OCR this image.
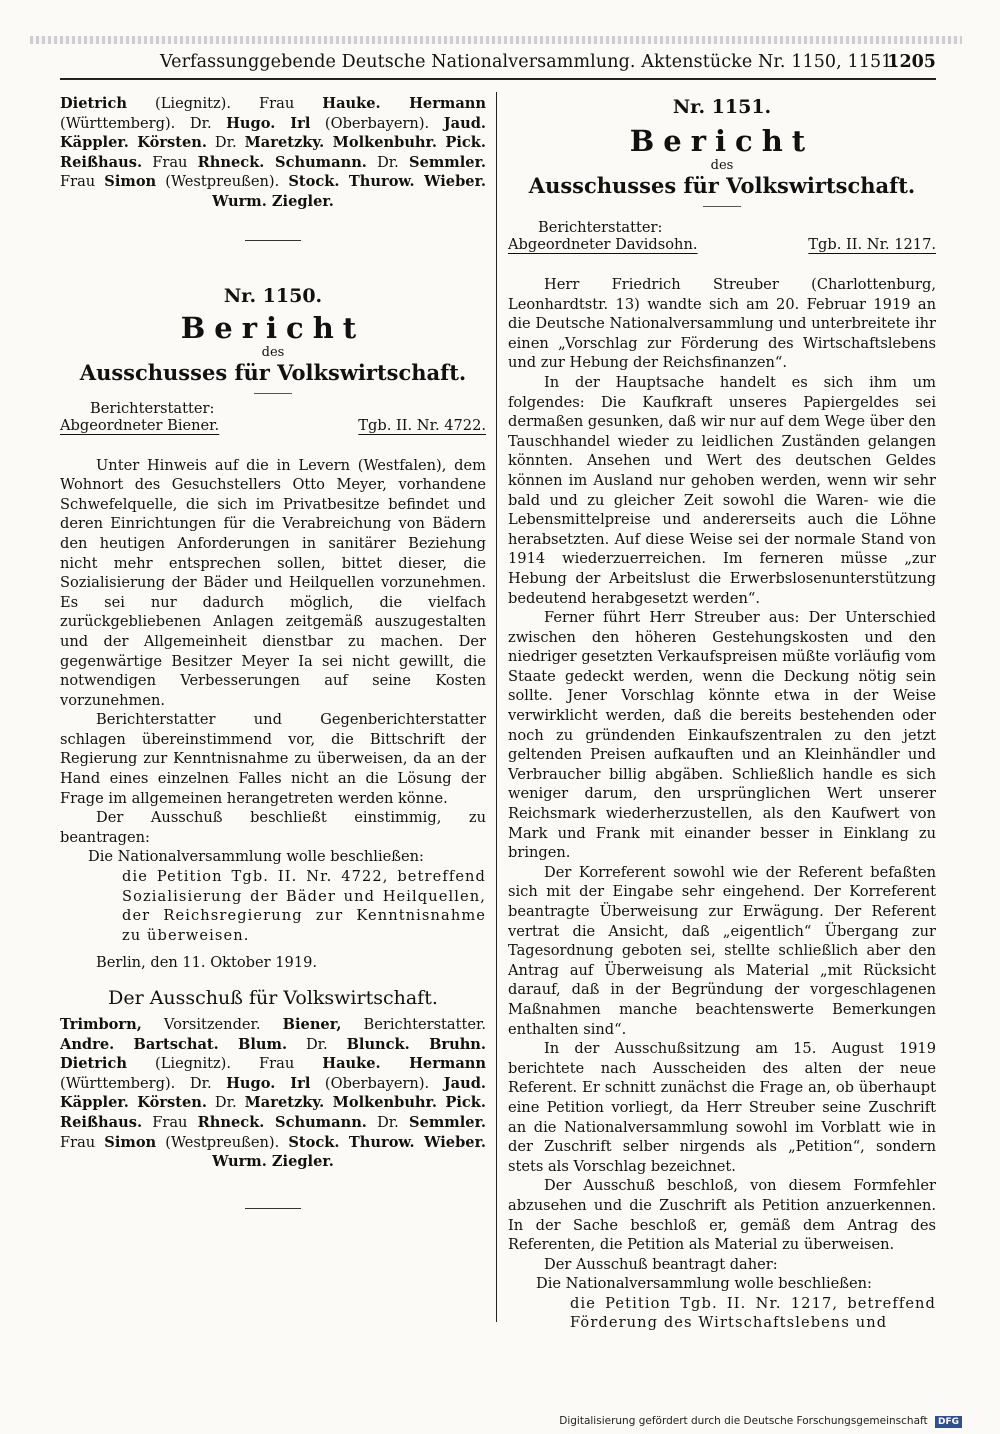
Verfassunggebende Deutsche Nationalversammlung. Aktenstücke Nr. 1150, 1151.
1205

Dietrich (Liegnitz). Frau Hauke. Hermann (Württemberg). Dr. Hugo. Irl (Oberbayern). Jaud. Käppler. Körsten. Dr. Maretzky. Molkenbuhr. Pick. Reißhaus. Frau Rhneck. Schumann. Dr. Semmler. Frau Simon (Westpreußen). Stock. Thurow. Wieber. Wurm. Ziegler.

Nr. 1150.

Bericht

des

Ausschusses für Volkswirtschaft.

Berichterstatter:

Abgeordneter Biener.	Tgb. II. Nr. 4722.

Unter Hinweis auf die in Levern (Westfalen), dem Wohnort des Gesuchstellers Otto Meyer, vorhandene Schwefelquelle, die sich im Privatbesitze befindet und deren Einrichtungen für die Verabreichung von Bädern den heutigen Anforderungen in sanitärer Beziehung nicht mehr entsprechen sollen, bittet dieser, die Sozialisierung der Bäder und Heilquellen vorzunehmen. Es sei nur dadurch möglich, die vielfach zurückgebliebenen Anlagen zeitgemäß auszugestalten und der Allgemeinheit dienstbar zu machen. Der gegenwärtige Besitzer Meyer Ia sei nicht gewillt, die notwendigen Verbesserungen auf seine Kosten vorzunehmen.

Berichterstatter und Gegenberichterstatter schlagen übereinstimmend vor, die Bittschrift der Regierung zur Kenntnisnahme zu überweisen, da an der Hand eines einzelnen Falles nicht an die Lösung der Frage im allgemeinen herangetreten werden könne.

Der Ausschuß beschließt einstimmig, zu beantragen:

Die Nationalversammlung wolle beschließen:

die Petition Tgb. II. Nr. 4722, betreffend Sozialisierung der Bäder und Heilquellen, der Reichsregierung zur Kenntnisnahme zu überweisen.

Berlin, den 11. Oktober 1919.

Der Ausschuß für Volkswirtschaft.

Trimborn, Vorsitzender. Biener, Berichterstatter. Andre. Bartschat. Blum. Dr. Blunck. Bruhn. Dietrich (Liegnitz). Frau Hauke. Hermann (Württemberg). Dr. Hugo. Irl (Oberbayern). Jaud. Käppler. Körsten. Dr. Maretzky. Molkenbuhr. Pick. Reißhaus. Frau Rhneck. Schumann. Dr. Semmler. Frau Simon (Westpreußen). Stock. Thurow. Wieber. Wurm. Ziegler.

Nr. 1151.

Bericht

des

Ausschusses für Volkswirtschaft.

Berichterstatter:

Abgeordneter Davidsohn.	Tgb. II. Nr. 1217.

Herr Friedrich Streuber (Charlottenburg, Leonhardtstr. 13) wandte sich am 20. Februar 1919 an die Deutsche Nationalversammlung und unterbreitete ihr einen „Vorschlag zur Förderung des Wirtschaftslebens und zur Hebung der Reichsfinanzen“.

In der Hauptsache handelt es sich ihm um folgendes: Die Kaufkraft unseres Papiergeldes sei dermaßen gesunken, daß wir nur auf dem Wege über den Tauschhandel wieder zu leidlichen Zuständen gelangen könnten. Ansehen und Wert des deutschen Geldes können im Ausland nur gehoben werden, wenn wir sehr bald und zu gleicher Zeit sowohl die Waren- wie die Lebensmittelpreise und andererseits auch die Löhne herabsetzten. Auf diese Weise sei der normale Stand von 1914 wiederzuerreichen. Im ferneren müsse „zur Hebung der Arbeitslust die Erwerbslosenunterstützung bedeutend herabgesetzt werden“.

Ferner führt Herr Streuber aus: Der Unterschied zwischen den höheren Gestehungskosten und den niedriger gesetzten Verkaufspreisen müßte vorläufig vom Staate gedeckt werden, wenn die Deckung nötig sein sollte. Jener Vorschlag könnte etwa in der Weise verwirklicht werden, daß die bereits bestehenden oder noch zu gründenden Einkaufszentralen zu den jetzt geltenden Preisen aufkauften und an Kleinhändler und Verbraucher billig abgäben. Schließlich handle es sich weniger darum, den ursprünglichen Wert unserer Reichsmark wiederherzustellen, als den Kaufwert von Mark und Frank mit einander besser in Einklang zu bringen.

Der Korreferent sowohl wie der Referent befaßten sich mit der Eingabe sehr eingehend. Der Korreferent beantragte Überweisung zur Erwägung. Der Referent vertrat die Ansicht, daß „eigentlich“ Übergang zur Tagesordnung geboten sei, stellte schließlich aber den Antrag auf Überweisung als Material „mit Rücksicht darauf, daß in der Begründung der vorgeschlagenen Maßnahmen manche beachtenswerte Bemerkungen enthalten sind“.

In der Ausschußsitzung am 15. August 1919 berichtete nach Ausscheiden des alten der neue Referent. Er schnitt zunächst die Frage an, ob überhaupt eine Petition vorliegt, da Herr Streuber seine Zuschrift an die Nationalversammlung sowohl im Vorblatt wie in der Zuschrift selber nirgends als „Petition“, sondern stets als Vorschlag bezeichnet.

Der Ausschuß beschloß, von diesem Formfehler abzusehen und die Zuschrift als Petition anzuerkennen. In der Sache beschloß er, gemäß dem Antrag des Referenten, die Petition als Material zu überweisen.

Der Ausschuß beantragt daher:

Die Nationalversammlung wolle beschließen:

die Petition Tgb. II. Nr. 1217, betreffend Förderung des Wirtschaftslebens und

Digitalisierung gefördert durch die Deutsche Forschungsgemeinschaft DFG
